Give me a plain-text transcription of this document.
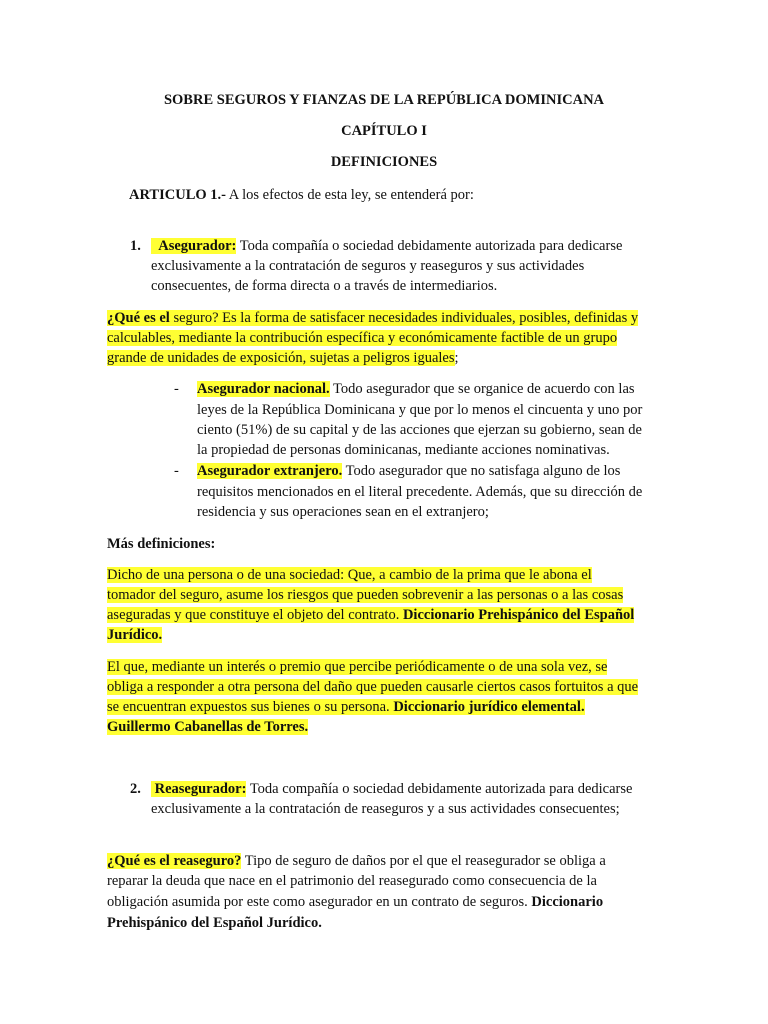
SOBRE SEGUROS Y FIANZAS DE LA REPÚBLICA DOMINICANA
CAPÍTULO I
DEFINICIONES
ARTICULO 1.- A los efectos de esta ley, se entenderá por:
1.	Asegurador: Toda compañía o sociedad debidamente autorizada para dedicarse
exclusivamente a la contratación de seguros y reaseguros y sus actividades
consecuentes, de forma directa o a través de intermediarios.
¿Qué es el seguro? Es la forma de satisfacer necesidades individuales, posibles, definidas y
calculables, mediante la contribución específica y económicamente factible de un grupo
grande de unidades de exposición, sujetas a peligros iguales;
- Asegurador nacional. Todo asegurador que se organice de acuerdo con las
leyes de la República Dominicana y que por lo menos el cincuenta y uno por
ciento (51%) de su capital y de las acciones que ejerzan su gobierno, sean de
la propiedad de personas dominicanas, mediante acciones nominativas.
- Asegurador extranjero. Todo asegurador que no satisfaga alguno de los
requisitos mencionados en el literal precedente. Además, que su dirección de
residencia y sus operaciones sean en el extranjero;
Más definiciones:
Dicho de una persona o de una sociedad: Que, a cambio de la prima que le abona el
tomador del seguro, asume los riesgos que pueden sobrevenir a las personas o a las cosas
aseguradas y que constituye el objeto del contrato. Diccionario Prehispánico del Español
Jurídico.
El que, mediante un interés o premio que percibe periódicamente o de una sola vez, se
obliga a responder a otra persona del daño que pueden causarle ciertos casos fortuitos a que
se encuentran expuestos sus bienes o su persona. Diccionario jurídico elemental.
Guillermo Cabanellas de Torres.
2. Reasegurador: Toda compañía o sociedad debidamente autorizada para dedicarse
exclusivamente a la contratación de reaseguros y a sus actividades consecuentes;
¿Qué es el reaseguro? Tipo de seguro de daños por el que el reasegurador se obliga a
reparar la deuda que nace en el patrimonio del reasegurado como consecuencia de la
obligación asumida por este como asegurador en un contrato de seguros. Diccionario
Prehispánico del Español Jurídico.
